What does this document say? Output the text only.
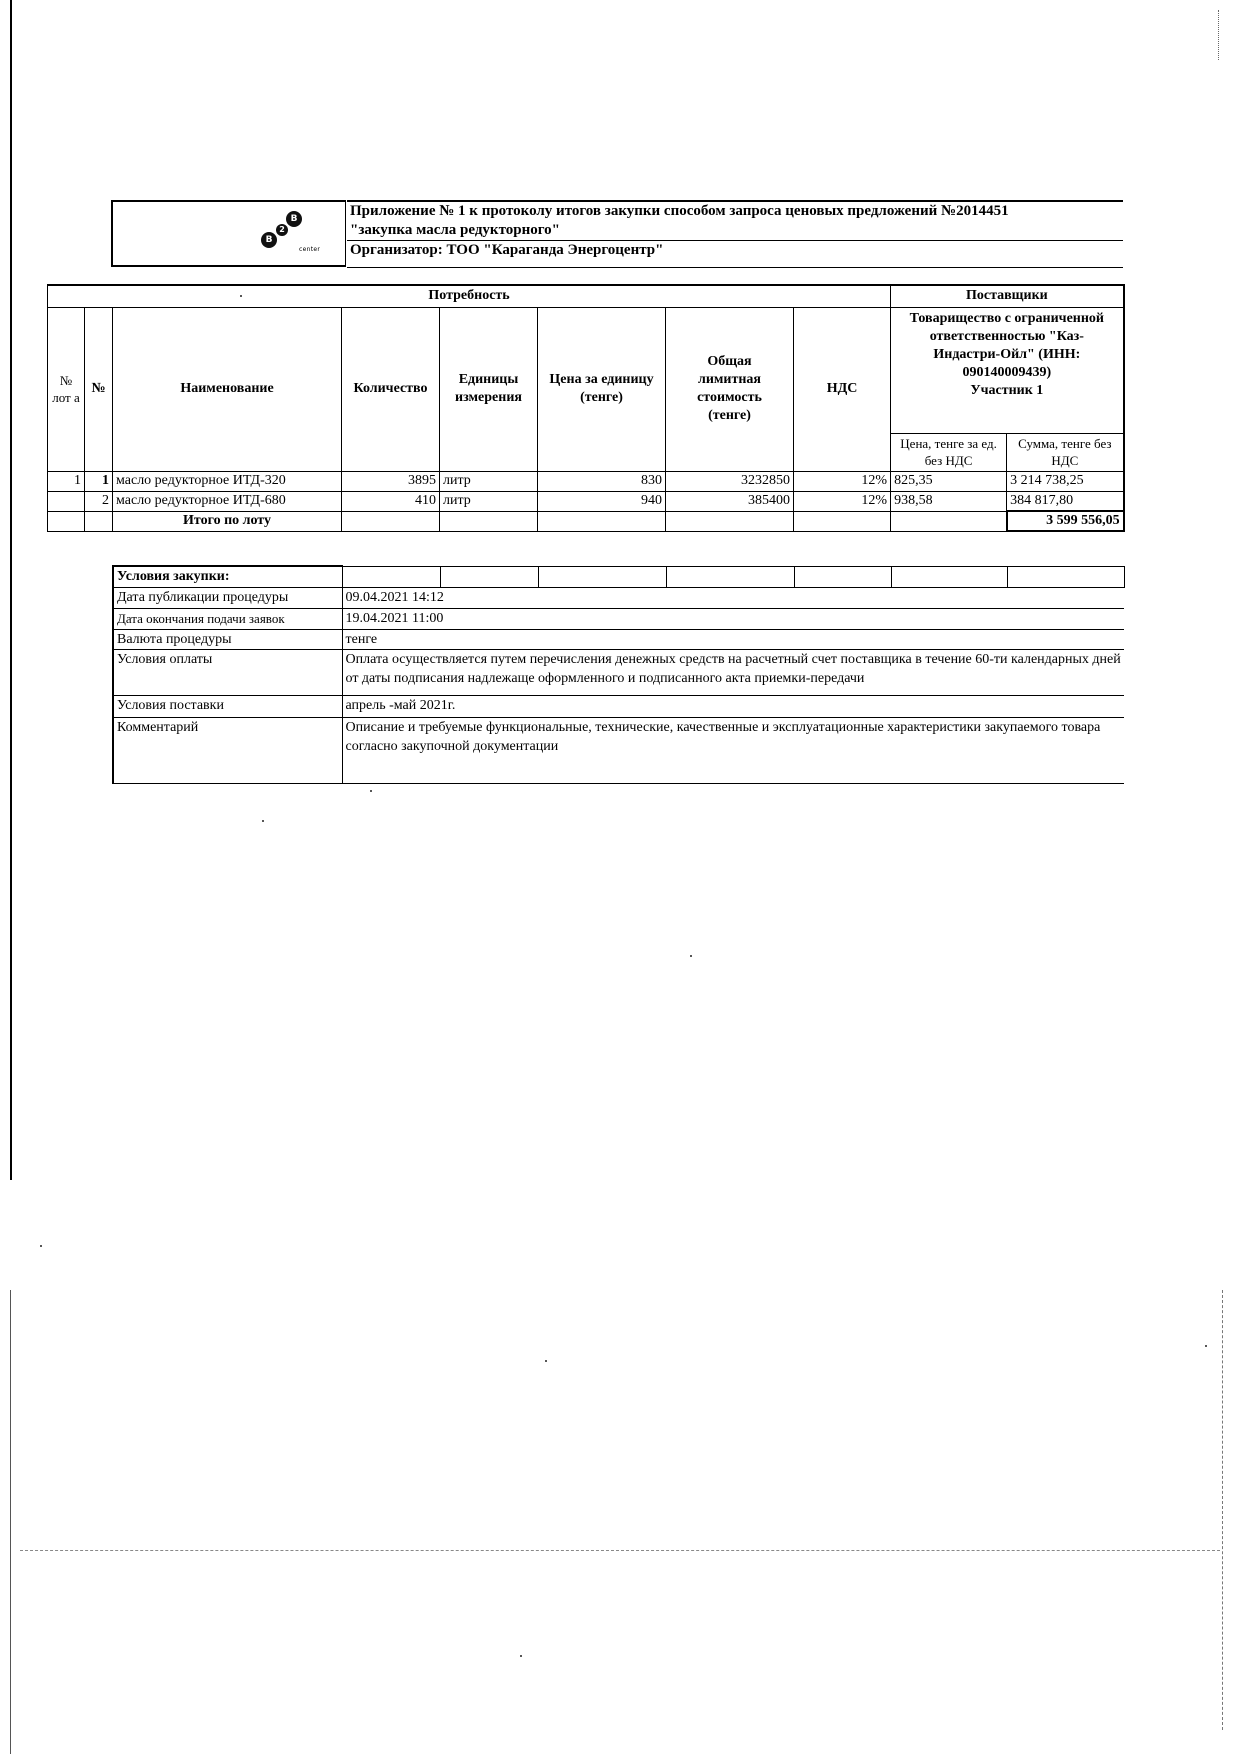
B
2
B
center
Приложение № 1 к протоколу итогов закупки способом запроса ценовых предложений №2014451
"закупка масла редукторного"
Организатор: ТОО "Караганда Энергоцентр"
Потребность								Поставщики	
№ лот а	№	Наименование	Количество	Единицы измерения	Цена за единицу (тенге)	Общая лимитная стоимость (тенге)	НДС	Товарищество с ограниченной ответственностью "Каз-Индастри-Ойл" (ИНН: 090140009439)
Участник 1	

								Цена, тенге за ед. без НДС	Сумма, тенге без НДС
1	1	масло редукторное ИТД-320	3895	литр	830	3232850	12%	825,35	3 214 738,25
	2	масло редукторное ИТД-680	410	литр	940	385400	12%	938,58	384 817,80
		Итого по лоту							3 599 556,05
Условия закупки:							
Дата публикации процедуры	09.04.2021 14:12						
Дата окончания подачи заявок	19.04.2021 11:00						
Валюта процедуры	тенге						
Условия оплаты	Оплата осуществляется путем перечисления денежных средств на расчетный счет поставщика в течение 60-ти календарных дней от даты подписания надлежаще оформленного и подписанного акта приемки-передачи						
Условия поставки	апрель -май 2021г.						
Комментарий	Описание и требуемые функциональные, технические, качественные и эксплуатационные характеристики закупаемого товара согласно закупочной документации						
